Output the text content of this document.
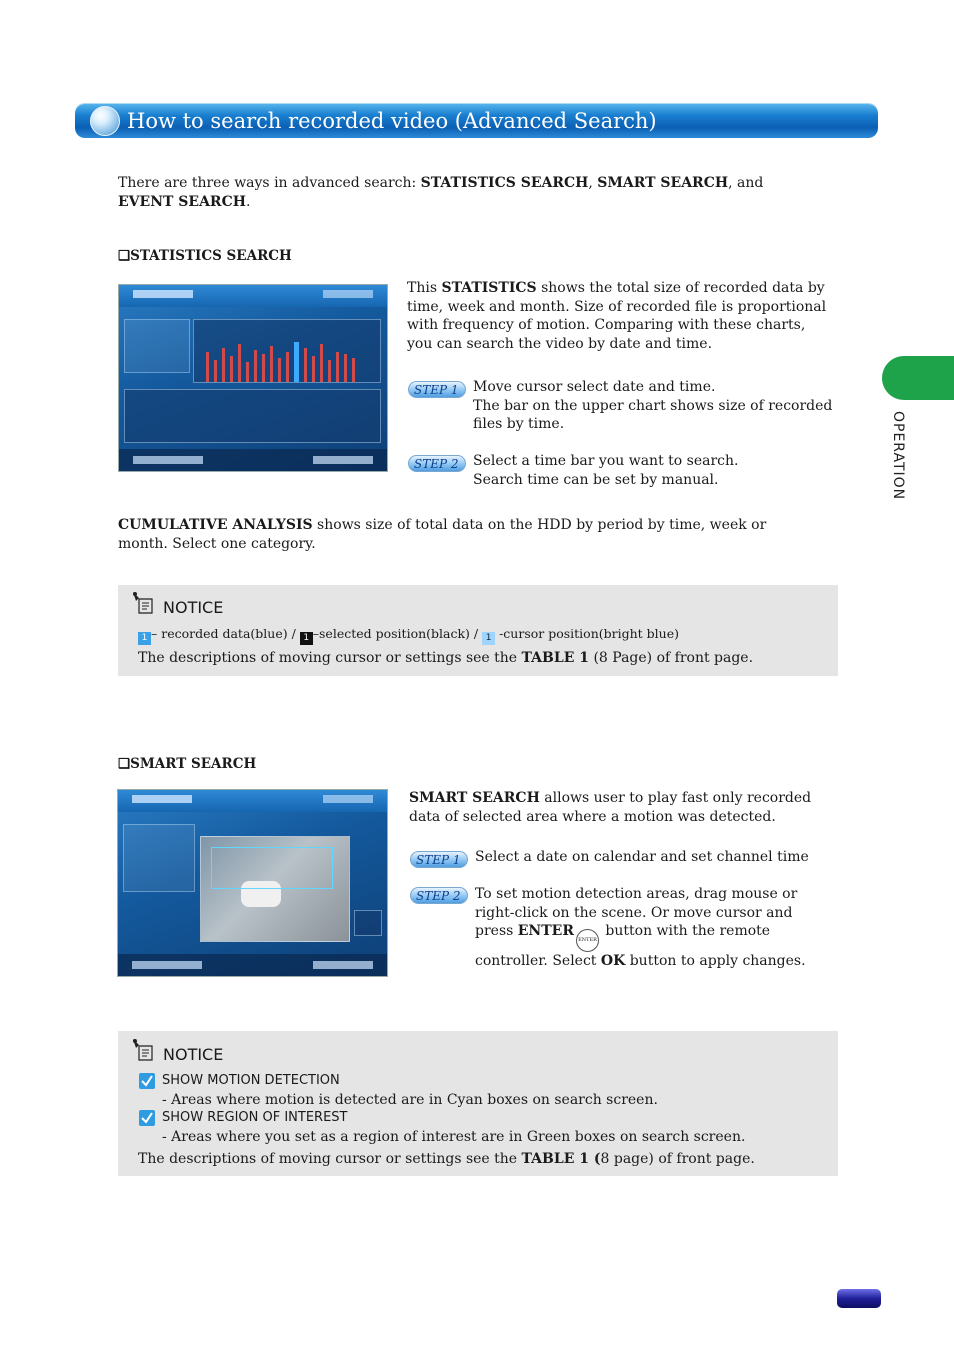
How to search recorded video (Advanced Search)
OPERATION
There are three ways in advanced search: STATISTICS SEARCH, SMART SEARCH, and EVENT SEARCH.
❑STATISTICS SEARCH
This STATISTICS shows the total size of recorded data by time, week and month. Size of recorded file is proportional with frequency of motion. Comparing with these charts, you can search the video by date and time.
STEP 1	Move cursor select date and time.
The bar on the upper chart shows size of recorded files by time.
STEP 2	Select a time bar you want to search.
Search time can be set by manual.
CUMULATIVE ANALYSIS shows size of total data on the HDD by period by time, week or month. Select one category.
NOTICE
1 – recorded data(blue) / 1 –selected position(black) / 1 -cursor position(bright blue)
The descriptions of moving cursor or settings see the TABLE 1 (8 Page) of front page.
❑SMART SEARCH
SMART SEARCH allows user to play fast only recorded data of selected area where a motion was detected.
STEP 1	Select a date on calendar and set channel time
STEP 2	To set motion detection areas, drag mouse or right-click on the scene. Or move cursor and press ENTERENTER button with the remote controller. Select OK button to apply changes.
NOTICE
SHOW MOTION DETECTION
- Areas where motion is detected are in Cyan boxes on search screen.
SHOW REGION OF INTEREST
- Areas where you set as a region of interest are in Green boxes on search screen.
The descriptions of moving cursor or settings see the TABLE 1 (8 page) of front page.
